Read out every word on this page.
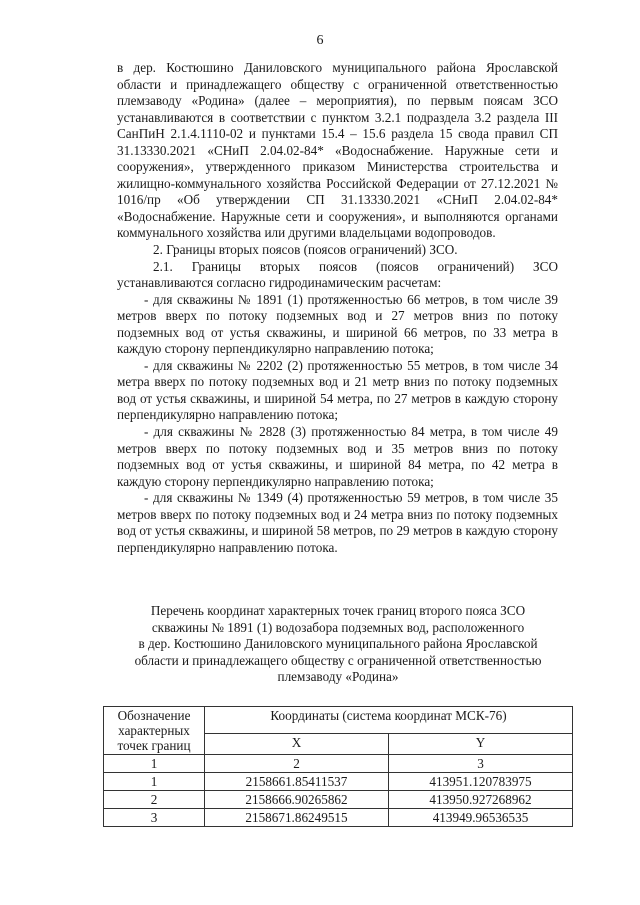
6

в дер. Костюшино Даниловского муниципального района Ярославской области и принадлежащего обществу с ограниченной ответственностью племзаводу «Родина» (далее – мероприятия), по первым поясам ЗСО устанавливаются в соответствии с пунктом 3.2.1 подраздела 3.2 раздела III СанПиН 2.1.4.1110-02 и пунктами 15.4 – 15.6 раздела 15 свода правил СП 31.13330.2021 «СНиП 2.04.02-84* «Водоснабжение. Наружные сети и сооружения», утвержденного приказом Министерства строительства и жилищно-коммунального хозяйства Российской Федерации от 27.12.2021 № 1016/пр «Об утверждении СП 31.13330.2021 «СНиП 2.04.02-84* «Водоснабжение. Наружные сети и сооружения», и выполняются органами коммунального хозяйства или другими владельцами водопроводов.

2. Границы вторых поясов (поясов ограничений) ЗСО.

2.1. Границы вторых поясов (поясов ограничений) ЗСО устанавливаются согласно гидродинамическим расчетам:

- для скважины № 1891 (1) протяженностью 66 метров, в том числе 39 метров вверх по потоку подземных вод и 27 метров вниз по потоку подземных вод от устья скважины, и шириной 66 метров, по 33 метра в каждую сторону перпендикулярно направлению потока;

- для скважины № 2202 (2) протяженностью 55 метров, в том числе 34 метра вверх по потоку подземных вод и 21 метр вниз по потоку подземных вод от устья скважины, и шириной 54 метра, по 27 метров в каждую сторону перпендикулярно направлению потока;

- для скважины № 2828 (3) протяженностью 84 метра, в том числе 49 метров вверх по потоку подземных вод и 35 метров вниз по потоку подземных вод от устья скважины, и шириной 84 метра, по 42 метра в каждую сторону перпендикулярно направлению потока;

- для скважины № 1349 (4) протяженностью 59 метров, в том числе 35 метров вверх по потоку подземных вод и 24 метра вниз по потоку подземных вод от устья скважины, и шириной 58 метров, по 29 метров в каждую сторону перпендикулярно направлению потока.

Перечень координат характерных точек границ второго пояса ЗСО

скважины № 1891 (1) водозабора подземных вод, расположенного

в дер. Костюшино Даниловского муниципального района Ярославской

области и принадлежащего обществу с ограниченной ответственностью

племзаводу «Родина»

Обозначение характерных точек границ	Координаты (система координат МСК-76)	
	X	Y
1	2	3
1	2158661.85411537	413951.120783975
2	2158666.90265862	413950.927268962
3	2158671.86249515	413949.96536535
